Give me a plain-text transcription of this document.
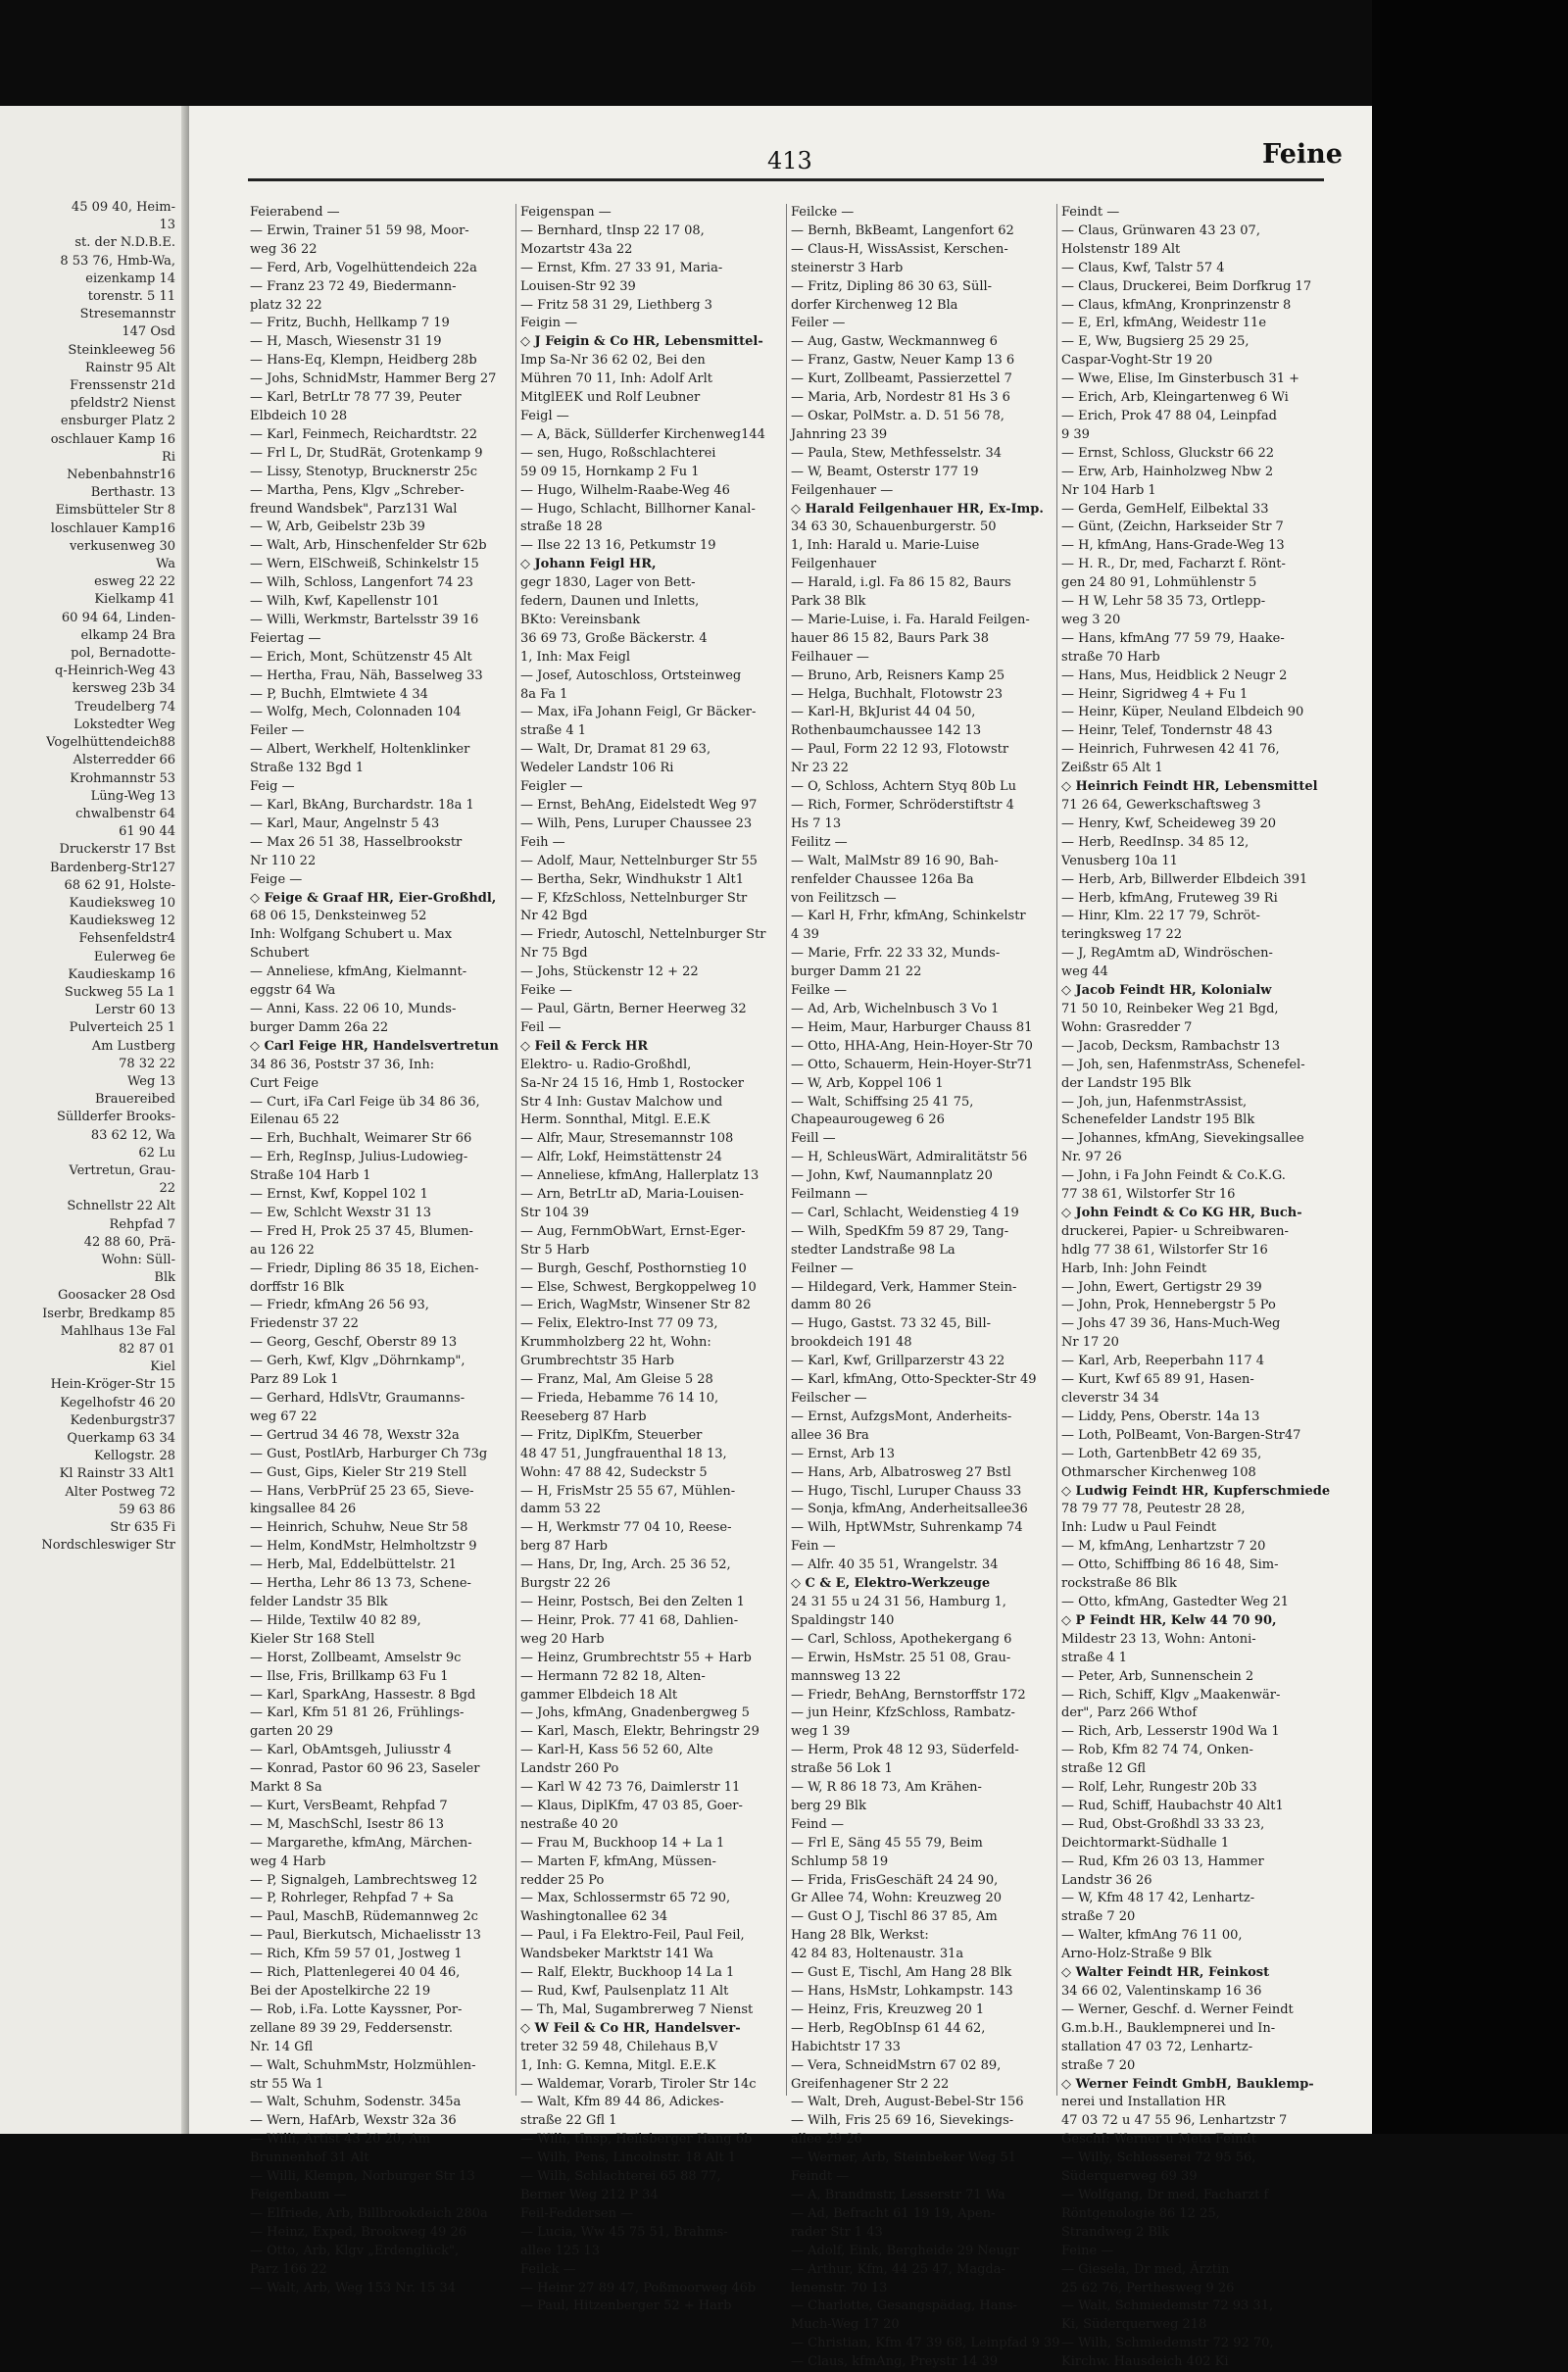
45 09 40, Heim-
13
st. der N.D.B.E.
8 53 76, Hmb-Wa,
eizenkamp 14
torenstr. 5 11
Stresemannstr
147 Osd
Steinkleeweg 56
Rainstr 95 Alt
Frenssenstr 21d
pfeldstr2 Nienst
ensburger Platz 2
oschlauer Kamp 16
Ri
Nebenbahnstr16
Berthastr. 13
Eimsbütteler Str 8
loschlauer Kamp16
verkusenweg 30
Wa
esweg 22 22
Kielkamp 41
60 94 64, Linden-
elkamp 24 Bra
pol, Bernadotte-
q-Heinrich-Weg 43
kersweg 23b 34
Treudelberg 74
Lokstedter Weg
Vogelhüttendeich88
Alsterredder 66
Krohmannstr 53
Lüng-Weg 13
chwalbenstr 64
61 90 44
Druckerstr 17 Bst
Bardenberg-Str127
68 62 91, Holste-
Kaudieksweg 10
Kaudieksweg 12
Fehsenfeldstr4
Eulerweg 6e
Kaudieskamp 16
Suckweg 55 La 1
Lerstr 60 13
Pulverteich 25 1
Am Lustberg
78 32 22
Weg 13
Brauereibed
Süllderfer Brooks-
83 62 12, Wa
62 Lu
Vertretun, Grau-
22
Schnellstr 22 Alt
Rehpfad 7
42 88 60, Prä-
Wohn: Süll-
Blk
Goosacker 28 Osd
Iserbr, Bredkamp 85
Mahlhaus 13e Fal
82 87 01
Kiel
Hein-Kröger-Str 15
Kegelhofstr 46 20
Kedenburgstr37
Querkamp 63 34
Kellogstr. 28
Kl Rainstr 33 Alt1
Alter Postweg 72
59 63 86
Str 635 Fi
Nordschleswiger Str
413	Feine
Feierabend —
— Erwin, Trainer 51 59 98, Moor-
weg 36 22
— Ferd, Arb, Vogelhüttendeich 22a
— Franz 23 72 49, Biedermann-
platz 32 22
— Fritz, Buchh, Hellkamp 7 19
— H, Masch, Wiesenstr 31 19
— Hans-Eq, Klempn, Heidberg 28b
— Johs, SchnidMstr, Hammer Berg 27
— Karl, BetrLtr 78 77 39, Peuter
Elbdeich 10 28
— Karl, Feinmech, Reichardtstr. 22
— Frl L, Dr, StudRät, Grotenkamp 9
— Lissy, Stenotyp, Brucknerstr 25c
— Martha, Pens, Klgv „Schreber-
freund Wandsbek", Parz131 Wal
— W, Arb, Geibelstr 23b 39
— Walt, Arb, Hinschenfelder Str 62b
— Wern, ElSchweiß, Schinkelstr 15
— Wilh, Schloss, Langenfort 74 23
— Wilh, Kwf, Kapellenstr 101
— Willi, Werkmstr, Bartelsstr 39 16
Feiertag —
— Erich, Mont, Schützenstr 45 Alt
— Hertha, Frau, Näh, Basselweg 33
— P, Buchh, Elmtwiete 4 34
— Wolfg, Mech, Colonnaden 104
Feiler —
— Albert, Werkhelf, Holtenklinker
Straße 132 Bgd 1
Feig —
— Karl, BkAng, Burchardstr. 18a 1
— Karl, Maur, Angelnstr 5 43
— Max 26 51 38, Hasselbrookstr
Nr 110 22
Feige —
◇ Feige & Graaf HR, Eier-Großhdl,
68 06 15, Denksteinweg 52
Inh: Wolfgang Schubert u. Max
Schubert
— Anneliese, kfmAng, Kielmannt-
eggstr 64 Wa
— Anni, Kass. 22 06 10, Munds-
burger Damm 26a 22
◇ Carl Feige HR, Handelsvertretun
34 86 36, Poststr 37 36, Inh:
Curt Feige
— Curt, iFa Carl Feige üb 34 86 36,
Eilenau 65 22
— Erh, Buchhalt, Weimarer Str 66
— Erh, RegInsp, Julius-Ludowieg-
Straße 104 Harb 1
— Ernst, Kwf, Koppel 102 1
— Ew, Schlcht Wexstr 31 13
— Fred H, Prok 25 37 45, Blumen-
au 126 22
— Friedr, Dipling 86 35 18, Eichen-
dorffstr 16 Blk
— Friedr, kfmAng 26 56 93,
Friedenstr 37 22
— Georg, Geschf, Oberstr 89 13
— Gerh, Kwf, Klgv „Döhrnkamp",
Parz 89 Lok 1
— Gerhard, HdlsVtr, Graumanns-
weg 67 22
— Gertrud 34 46 78, Wexstr 32a
— Gust, PostlArb, Harburger Ch 73g
— Gust, Gips, Kieler Str 219 Stell
— Hans, VerbPrüf 25 23 65, Sieve-
kingsallee 84 26
— Heinrich, Schuhw, Neue Str 58
— Helm, KondMstr, Helmholtzstr 9
— Herb, Mal, Eddelbüttelstr. 21
— Hertha, Lehr 86 13 73, Schene-
felder Landstr 35 Blk
— Hilde, Textilw 40 82 89,
Kieler Str 168 Stell
— Horst, Zollbeamt, Amselstr 9c
— Ilse, Fris, Brillkamp 63 Fu 1
— Karl, SparkAng, Hassestr. 8 Bgd
— Karl, Kfm 51 81 26, Frühlings-
garten 20 29
— Karl, ObAmtsgeh, Juliusstr 4
— Konrad, Pastor 60 96 23, Saseler
Markt 8 Sa
— Kurt, VersBeamt, Rehpfad 7
— M, MaschSchl, Isestr 86 13
— Margarethe, kfmAng, Märchen-
weg 4 Harb
— P, Signalgeh, Lambrechtsweg 12
— P, Rohrleger, Rehpfad 7 + Sa
— Paul, MaschB, Rüdemannweg 2c
— Paul, Bierkutsch, Michaelisstr 13
— Rich, Kfm 59 57 01, Jostweg 1
— Rich, Plattenlegerei 40 04 46,
Bei der Apostelkirche 22 19
— Rob, i.Fa. Lotte Kayssner, Por-
zellane 89 39 29, Feddersenstr.
Nr. 14 Gfl
— Walt, SchuhmMstr, Holzmühlen-
str 55 Wa 1
— Walt, Schuhm, Sodenstr. 345a
— Wern, HafArb, Wexstr 32a 36
— Willi, Artist 43 20 20, Am
Brunnenhof 31 Alt
— Willi, Klempn, Norburger Str 13
Feigenbaum —
— Elfriede, Arb, Billbrookdeich 280a
— Heinz, Exped, Brookweg 49 26
— Otto, Arb, Klgv „Erdenglück",
Parz 166 22
— Walt, Arb, Weg 153 Nr. 15 34
Feigenspan —
— Bernhard, tInsp 22 17 08,
Mozartstr 43a 22
— Ernst, Kfm. 27 33 91, Maria-
Louisen-Str 92 39
— Fritz 58 31 29, Liethberg 3
Feigin —
◇ J Feigin & Co HR, Lebensmittel-
Imp Sa-Nr 36 62 02, Bei den
Mühren 70 11, Inh: Adolf Arlt
MitglEEK und Rolf Leubner
Feigl —
— A, Bäck, Süllderfer Kirchenweg144
— sen, Hugo, Roßschlachterei
59 09 15, Hornkamp 2 Fu 1
— Hugo, Wilhelm-Raabe-Weg 46
— Hugo, Schlacht, Billhorner Kanal-
straße 18 28
— Ilse 22 13 16, Petkumstr 19
◇ Johann Feigl HR,
gegr 1830, Lager von Bett-
federn, Daunen und Inletts,
BKto: Vereinsbank
36 69 73, Große Bäckerstr. 4
1, Inh: Max Feigl
— Josef, Autoschloss, Ortsteinweg
8a Fa 1
— Max, iFa Johann Feigl, Gr Bäcker-
straße 4 1
— Walt, Dr, Dramat 81 29 63,
Wedeler Landstr 106 Ri
Feigler —
— Ernst, BehAng, Eidelstedt Weg 97
— Wilh, Pens, Luruper Chaussee 23
Feih —
— Adolf, Maur, Nettelnburger Str 55
— Bertha, Sekr, Windhukstr 1 Alt1
— F, KfzSchloss, Nettelnburger Str
Nr 42 Bgd
— Friedr, Autoschl, Nettelnburger Str
Nr 75 Bgd
— Johs, Stückenstr 12 + 22
Feike —
— Paul, Gärtn, Berner Heerweg 32
Feil —
◇ Feil & Ferck HR
Elektro- u. Radio-Großhdl,
Sa-Nr 24 15 16, Hmb 1, Rostocker
Str 4 Inh: Gustav Malchow und
Herm. Sonnthal, Mitgl. E.E.K
— Alfr, Maur, Stresemannstr 108
— Alfr, Lokf, Heimstättenstr 24
— Anneliese, kfmAng, Hallerplatz 13
— Arn, BetrLtr aD, Maria-Louisen-
Str 104 39
— Aug, FernmObWart, Ernst-Eger-
Str 5 Harb
— Burgh, Geschf, Posthornstieg 10
— Else, Schwest, Bergkoppelweg 10
— Erich, WagMstr, Winsener Str 82
— Felix, Elektro-Inst 77 09 73,
Krummholzberg 22 ht, Wohn:
Grumbrechtstr 35 Harb
— Franz, Mal, Am Gleise 5 28
— Frieda, Hebamme 76 14 10,
Reeseberg 87 Harb
— Fritz, DiplKfm, Steuerber
48 47 51, Jungfrauenthal 18 13,
Wohn: 47 88 42, Sudeckstr 5
— H, FrisMstr 25 55 67, Mühlen-
damm 53 22
— H, Werkmstr 77 04 10, Reese-
berg 87 Harb
— Hans, Dr, Ing, Arch. 25 36 52,
Burgstr 22 26
— Heinr, Postsch, Bei den Zelten 1
— Heinr, Prok. 77 41 68, Dahlien-
weg 20 Harb
— Heinz, Grumbrechtstr 55 + Harb
— Hermann 72 82 18, Alten-
gammer Elbdeich 18 Alt
— Johs, kfmAng, Gnadenbergweg 5
— Karl, Masch, Elektr, Behringstr 29
— Karl-H, Kass 56 52 60, Alte
Landstr 260 Po
— Karl W 42 73 76, Daimlerstr 11
— Klaus, DiplKfm, 47 03 85, Goer-
nestraße 40 20
— Frau M, Buckhoop 14 + La 1
— Marten F, kfmAng, Müssen-
redder 25 Po
— Max, Schlossermstr 65 72 90,
Washingtonallee 62 34
— Paul, i Fa Elektro-Feil, Paul Feil,
Wandsbeker Marktstr 141 Wa
— Ralf, Elektr, Buckhoop 14 La 1
— Rud, Kwf, Paulsenplatz 11 Alt
— Th, Mal, Sugambrerweg 7 Nienst
◇ W Feil & Co HR, Handelsver-
treter 32 59 48, Chilehaus B,V
1, Inh: G. Kemna, Mitgl. E.E.K
— Waldemar, Vorarb, Tiroler Str 14c
— Walt, Kfm 89 44 86, Adickes-
straße 22 Gfl 1
— Wilh, tInsp, Heilsberger Hang 6b
— Wilh, Pens, Lincolnstr. 18 Alt 1
— Wilh, Schlachterei 65 88 77,
Berner Weg 212 P 34
Feil-Feddersen —
— Lucia, Ww 45 75 51, Brahms-
allee 125 13
Feilck —
— Heinr 27 89 47, Poßmoorweg 46b
— Paul, Hitzenberger 52 + Harb
Feilcke —
— Bernh, BkBeamt, Langenfort 62
— Claus-H, WissAssist, Kerschen-
steinerstr 3 Harb
— Fritz, Dipling 86 30 63, Süll-
dorfer Kirchenweg 12 Bla
Feiler —
— Aug, Gastw, Weckmannweg 6
— Franz, Gastw, Neuer Kamp 13 6
— Kurt, Zollbeamt, Passierzettel 7
— Maria, Arb, Nordestr 81 Hs 3 6
— Oskar, PolMstr. a. D. 51 56 78,
Jahnring 23 39
— Paula, Stew, Methfesselstr. 34
— W, Beamt, Osterstr 177 19
Feilgenhauer —
◇ Harald Feilgenhauer HR, Ex-Imp.
34 63 30, Schauenburgerstr. 50
1, Inh: Harald u. Marie-Luise
Feilgenhauer
— Harald, i.gl. Fa 86 15 82, Baurs
Park 38 Blk
— Marie-Luise, i. Fa. Harald Feilgen-
hauer 86 15 82, Baurs Park 38
Feilhauer —
— Bruno, Arb, Reisners Kamp 25
— Helga, Buchhalt, Flotowstr 23
— Karl-H, BkJurist 44 04 50,
Rothenbaumchaussee 142 13
— Paul, Form 22 12 93, Flotowstr
Nr 23 22
— O, Schloss, Achtern Styq 80b Lu
— Rich, Former, Schröderstiftstr 4
Hs 7 13
Feilitz —
— Walt, MalMstr 89 16 90, Bah-
renfelder Chaussee 126a Ba
von Feilitzsch —
— Karl H, Frhr, kfmAng, Schinkelstr
4 39
— Marie, Frfr. 22 33 32, Munds-
burger Damm 21 22
Feilke —
— Ad, Arb, Wichelnbusch 3 Vo 1
— Heim, Maur, Harburger Chauss 81
— Otto, HHA-Ang, Hein-Hoyer-Str 70
— Otto, Schauerm, Hein-Hoyer-Str71
— W, Arb, Koppel 106 1
— Walt, Schiffsing 25 41 75,
Chapeaurougeweg 6 26
Feill —
— H, SchleusWärt, Admiralitätstr 56
— John, Kwf, Naumannplatz 20
Feilmann —
— Carl, Schlacht, Weidenstieg 4 19
— Wilh, SpedKfm 59 87 29, Tang-
stedter Landstraße 98 La
Feilner —
— Hildegard, Verk, Hammer Stein-
damm 80 26
— Hugo, Gastst. 73 32 45, Bill-
brookdeich 191 48
— Karl, Kwf, Grillparzerstr 43 22
— Karl, kfmAng, Otto-Speckter-Str 49
Feilscher —
— Ernst, AufzgsMont, Anderheits-
allee 36 Bra
— Ernst, Arb 13
— Hans, Arb, Albatrosweg 27 Bstl
— Hugo, Tischl, Luruper Chauss 33
— Sonja, kfmAng, Anderheitsallee36
— Wilh, HptWMstr, Suhrenkamp 74
Fein —
— Alfr. 40 35 51, Wrangelstr. 34
◇ C & E, Elektro-Werkzeuge
24 31 55 u 24 31 56, Hamburg 1,
Spaldingstr 140
— Carl, Schloss, Apothekergang 6
— Erwin, HsMstr. 25 51 08, Grau-
mannsweg 13 22
— Friedr, BehAng, Bernstorffstr 172
— jun Heinr, KfzSchloss, Rambatz-
weg 1 39
— Herm, Prok 48 12 93, Süderfeld-
straße 56 Lok 1
— W, R 86 18 73, Am Krähen-
berg 29 Blk
Feind —
— Frl E, Säng 45 55 79, Beim
Schlump 58 19
— Frida, FrisGeschäft 24 24 90,
Gr Allee 74, Wohn: Kreuzweg 20
— Gust O J, Tischl 86 37 85, Am
Hang 28 Blk, Werkst:
42 84 83, Holtenaustr. 31a
— Gust E, Tischl, Am Hang 28 Blk
— Hans, HsMstr, Lohkampstr. 143
— Heinz, Fris, Kreuzweg 20 1
— Herb, RegObInsp 61 44 62,
Habichtstr 17 33
— Vera, SchneidMstrn 67 02 89,
Greifenhagener Str 2 22
— Walt, Dreh, August-Bebel-Str 156
— Wilh, Fris 25 69 16, Sievekings-
allee 29 26
— Werner, Arb, Steinbeker Weg 51
Feindt —
— A, Brandmstr, Lesserstr 71 Wa
— Ad, Befracht 61 19 19, Apen-
rader Str 1 43
— Adolf, Eink, Bergheide 29 Neugr
— Arthur, Kfm, 44 25 47, Magda-
lenenstr. 70 13
— Charlotte, Gesangspädag, Hans-
Much-Weg 17 20
— Christian, Kfm 47 39 68, Leinpfad 9 39
— Claus, kfmAng, Preystr 14 39
Feindt —
— Claus, Grünwaren 43 23 07,
Holstenstr 189 Alt
— Claus, Kwf, Talstr 57 4
— Claus, Druckerei, Beim Dorfkrug 17
— Claus, kfmAng, Kronprinzenstr 8
— E, Erl, kfmAng, Weidestr 11e
— E, Ww, Bugsierg 25 29 25,
Caspar-Voght-Str 19 20
— Wwe, Elise, Im Ginsterbusch 31 +
— Erich, Arb, Kleingartenweg 6 Wi
— Erich, Prok 47 88 04, Leinpfad
9 39
— Ernst, Schloss, Gluckstr 66 22
— Erw, Arb, Hainholzweg Nbw 2
Nr 104 Harb 1
— Gerda, GemHelf, Eilbektal 33
— Günt, (Zeichn, Harkseider Str 7
— H, kfmAng, Hans-Grade-Weg 13
— H. R., Dr, med, Facharzt f. Rönt-
gen 24 80 91, Lohmühlenstr 5
— H W, Lehr 58 35 73, Ortlepp-
weg 3 20
— Hans, kfmAng 77 59 79, Haake-
straße 70 Harb
— Hans, Mus, Heidblick 2 Neugr 2
— Heinr, Sigridweg 4 + Fu 1
— Heinr, Küper, Neuland Elbdeich 90
— Heinr, Telef, Tondernstr 48 43
— Heinrich, Fuhrwesen 42 41 76,
Zeißstr 65 Alt 1
◇ Heinrich Feindt HR, Lebensmittel
71 26 64, Gewerkschaftsweg 3
— Henry, Kwf, Scheideweg 39 20
— Herb, ReedInsp. 34 85 12,
Venusberg 10a 11
— Herb, Arb, Billwerder Elbdeich 391
— Herb, kfmAng, Fruteweg 39 Ri
— Hinr, Klm. 22 17 79, Schröt-
teringksweg 17 22
— J, RegAmtm aD, Windröschen-
weg 44
◇ Jacob Feindt HR, Kolonialw
71 50 10, Reinbeker Weg 21 Bgd,
Wohn: Grasredder 7
— Jacob, Decksm, Rambachstr 13
— Joh, sen, HafenmstrAss, Schenefel-
der Landstr 195 Blk
— Joh, jun, HafenmstrAssist,
Schenefelder Landstr 195 Blk
— Johannes, kfmAng, Sievekingsallee
Nr. 97 26
— John, i Fa John Feindt & Co.K.G.
77 38 61, Wilstorfer Str 16
◇ John Feindt & Co KG HR, Buch-
druckerei, Papier- u Schreibwaren-
hdlg 77 38 61, Wilstorfer Str 16
Harb, Inh: John Feindt
— John, Ewert, Gertigstr 29 39
— John, Prok, Hennebergstr 5 Po
— Johs 47 39 36, Hans-Much-Weg
Nr 17 20
— Karl, Arb, Reeperbahn 117 4
— Kurt, Kwf 65 89 91, Hasen-
cleverstr 34 34
— Liddy, Pens, Oberstr. 14a 13
— Loth, PolBeamt, Von-Bargen-Str47
— Loth, GartenbBetr 42 69 35,
Othmarscher Kirchenweg 108
◇ Ludwig Feindt HR, Kupferschmiede
78 79 77 78, Peutestr 28 28,
Inh: Ludw u Paul Feindt
— M, kfmAng, Lenhartzstr 7 20
— Otto, Schiffbing 86 16 48, Sim-
rockstraße 86 Blk
— Otto, kfmAng, Gastedter Weg 21
◇ P Feindt HR, Kelw 44 70 90,
Mildestr 23 13, Wohn: Antoni-
straße 4 1
— Peter, Arb, Sunnenschein 2
— Rich, Schiff, Klgv „Maakenwär-
der", Parz 266 Wthof
— Rich, Arb, Lesserstr 190d Wa 1
— Rob, Kfm 82 74 74, Onken-
straße 12 Gfl
— Rolf, Lehr, Rungestr 20b 33
— Rud, Schiff, Haubachstr 40 Alt1
— Rud, Obst-Großhdl 33 33 23,
Deichtormarkt-Südhalle 1
— Rud, Kfm 26 03 13, Hammer
Landstr 36 26
— W, Kfm 48 17 42, Lenhartz-
straße 7 20
— Walter, kfmAng 76 11 00,
Arno-Holz-Straße 9 Blk
◇ Walter Feindt HR, Feinkost
34 66 02, Valentinskamp 16 36
— Werner, Geschf. d. Werner Feindt
G.m.b.H., Bauklempnerei und In-
stallation 47 03 72, Lenhartz-
straße 7 20
◇ Werner Feindt GmbH, Bauklemp-
nerei und Installation HR
47 03 72 u 47 55 96, Lenhartzstr 7
Geschf: Werner u Meta Feindt
— Willy, Schlosserei 72 95 56,
Süderquerweg 69 39
— Wolfgang, Dr med, Facharzt f
Röntgenologie 86 12 25,
Strandweg 2 Blk
Feine —
— Giesela, Dr med, Ärztin
25 62 76, Perthesweg 9 26
— Walt, Schmiedemstr 72 93 31,
Ki, Süderquerweg 218
— Wilh, Schmiedemstr 72 92 70,
Kirchw. Hausdeich 402 Ki
